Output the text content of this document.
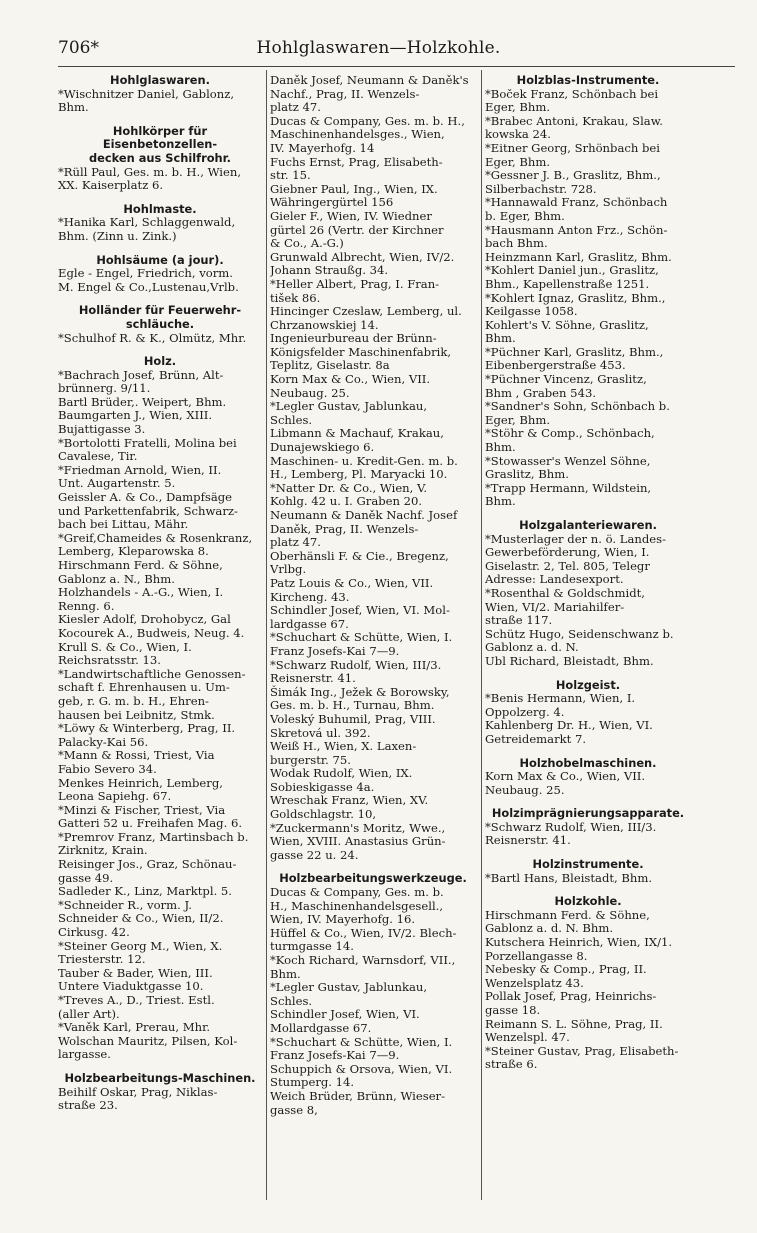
706*	Hohlglaswaren—Holzkohle.
Hohlglaswaren.
*Wischnitzer Daniel, Gablonz,
Bhm.
Hohlkörper für Eisenbetonzellen-
decken aus Schilfrohr.
*Rüll Paul, Ges. m. b. H., Wien,
XX. Kaiserplatz 6.
Hohlmaste.
*Hanika Karl, Schlaggenwald,
Bhm. (Zinn u. Zink.)
Hohlsäume (a jour).
Egle - Engel, Friedrich, vorm.
M. Engel & Co.,Lustenau,Vrlb.
Holländer für Feuerwehr-
schläuche.
*Schulhof R. & K., Olmütz, Mhr.
Holz.
*Bachrach Josef, Brünn, Alt-
brünnerg. 9/11.
Bartl Brüder,. Weipert, Bhm.
Baumgarten J., Wien, XIII.
Bujattigasse 3.
*Bortolotti Fratelli, Molina bei
Cavalese, Tir.
*Friedman Arnold, Wien, II.
Unt. Augartenstr. 5.
Geissler A. & Co., Dampfsäge
und Parkettenfabrik, Schwarz-
bach bei Littau, Mähr.
*Greif,Chameides & Rosenkranz,
Lemberg, Kleparowska 8.
Hirschmann Ferd. & Söhne,
Gablonz a. N., Bhm.
Holzhandels - A.-G., Wien, I.
Renng. 6.
Kiesler Adolf, Drohobycz, Gal
Kocourek A., Budweis, Neug. 4.
Krull S. & Co., Wien, I.
Reichsratsstr. 13.
*Landwirtschaftliche Genossen-
schaft f. Ehrenhausen u. Um-
geb, r. G. m. b. H., Ehren-
hausen bei Leibnitz, Stmk.
*Löwy & Winterberg, Prag, II.
Palacky-Kai 56.
*Mann & Rossi, Triest, Via
Fabio Severo 34.
Menkes Heinrich, Lemberg,
Leona Sapiehg. 67.
*Minzi & Fischer, Triest, Via
Gatteri 52 u. Freihafen Mag. 6.
*Premrov Franz, Martinsbach b.
Zirknitz, Krain.
Reisinger Jos., Graz, Schönau-
gasse 49.
Sadleder K., Linz, Marktpl. 5.
*Schneider R., vorm. J.
Schneider & Co., Wien, II/2.
Cirkusg. 42.
*Steiner Georg M., Wien, X.
Triesterstr. 12.
Tauber & Bader, Wien, III.
Untere Viaduktgasse 10.
*Treves A., D., Triest. Estl.
(aller Art).
*Vaněk Karl, Prerau, Mhr.
Wolschan Mauritz, Pilsen, Kol-
largasse.
Holzbearbeitungs-Maschinen.
Beihilf Oskar, Prag, Niklas-
straße 23.
Daněk Josef, Neumann & Daněk's
Nachf., Prag, II. Wenzels-
platz 47.
Ducas & Company, Ges. m. b. H.,
Maschinenhandelsges., Wien,
IV. Mayerhofg. 14
Fuchs Ernst, Prag, Elisabeth-
str. 15.
Giebner Paul, Ing., Wien, IX.
Währingergürtel 156
Gieler F., Wien, IV. Wiedner
gürtel 26 (Vertr. der Kirchner
& Co., A.-G.)
Grunwald Albrecht, Wien, IV/2.
Johann Straußg. 34.
*Heller Albert, Prag, I. Fran-
tišek 86.
Hincinger Czeslaw, Lemberg, ul.
Chrzanowskiej 14.
Ingenieurbureau der Brünn-
Königsfelder Maschinenfabrik,
Teplitz, Giselastr. 8a
Korn Max & Co., Wien, VII.
Neubaug. 25.
*Legler Gustav, Jablunkau,
Schles.
Libmann & Machauf, Krakau,
Dunajewskiego 6.
Maschinen- u. Kredit-Gen. m. b.
H., Lemberg, Pl. Maryacki 10.
*Natter Dr. & Co., Wien, V.
Kohlg. 42 u. I. Graben 20.
Neumann & Daněk Nachf. Josef
Daněk, Prag, II. Wenzels-
platz 47.
Oberhänsli F. & Cie., Bregenz,
Vrlbg.
Patz Louis & Co., Wien, VII.
Kircheng. 43.
Schindler Josef, Wien, VI. Mol-
lardgasse 67.
*Schuchart & Schütte, Wien, I.
Franz Josefs-Kai 7—9.
*Schwarz Rudolf, Wien, III/3.
Reisnerstr. 41.
Šimák Ing., Ježek & Borowsky,
Ges. m. b. H., Turnau, Bhm.
Voleský Buhumil, Prag, VIII.
Skretová ul. 392.
Weiß H., Wien, X. Laxen-
burgerstr. 75.
Wodak Rudolf, Wien, IX.
Sobieskigasse 4a.
Wreschak Franz, Wien, XV.
Goldschlagstr. 10,
*Zuckermann's Moritz, Wwe.,
Wien, XVIII. Anastasius Grün-
gasse 22 u. 24.
Holzbearbeitungswerkzeuge.
Ducas & Company, Ges. m. b.
H., Maschinenhandelsgesell.,
Wien, IV. Mayerhofg. 16.
Hüffel & Co., Wien, IV/2. Blech-
turmgasse 14.
*Koch Richard, Warnsdorf, VII.,
Bhm.
*Legler Gustav, Jablunkau,
Schles.
Schindler Josef, Wien, VI.
Mollardgasse 67.
*Schuchart & Schütte, Wien, I.
Franz Josefs-Kai 7—9.
Schuppich & Orsova, Wien, VI.
Stumperg. 14.
Weich Brüder, Brünn, Wieser-
gasse 8,
Holzblas-Instrumente.
*Boček Franz, Schönbach bei
Eger, Bhm.
*Brabec Antoni, Krakau, Slaw.
kowska 24.
*Eitner Georg, Srhönbach bei
Eger, Bhm.
*Gessner J. B., Graslitz, Bhm.,
Silberbachstr. 728.
*Hannawald Franz, Schönbach
b. Eger, Bhm.
*Hausmann Anton Frz., Schön-
bach Bhm.
Heinzmann Karl, Graslitz, Bhm.
*Kohlert Daniel jun., Graslitz,
Bhm., Kapellenstraße 1251.
*Kohlert Ignaz, Graslitz, Bhm.,
Keilgasse 1058.
Kohlert's V. Söhne, Graslitz,
Bhm.
*Püchner Karl, Graslitz, Bhm.,
Eibenbergerstraße 453.
*Püchner Vincenz, Graslitz,
Bhm , Graben 543.
*Sandner's Sohn, Schönbach b.
Eger, Bhm.
*Stöhr & Comp., Schönbach,
Bhm.
*Stowasser's Wenzel Söhne,
Graslitz, Bhm.
*Trapp Hermann, Wildstein,
Bhm.
Holzgalanteriewaren.
*Musterlager der n. ö. Landes-
Gewerbeförderung, Wien, I.
Giselastr. 2, Tel. 805, Telegr
Adresse: Landesexport.
*Rosenthal & Goldschmidt,
Wien, VI/2. Mariahilfer-
straße 117.
Schütz Hugo, Seidenschwanz b.
Gablonz a. d. N.
Ubl Richard, Bleistadt, Bhm.
Holzgeist.
*Benis Hermann, Wien, I.
Oppolzerg. 4.
Kahlenberg Dr. H., Wien, VI.
Getreidemarkt 7.
Holzhobelmaschinen.
Korn Max & Co., Wien, VII.
Neubaug. 25.
Holzimprägnierungsapparate.
*Schwarz Rudolf, Wien, III/3.
Reisnerstr. 41.
Holzinstrumente.
*Bartl Hans, Bleistadt, Bhm.
Holzkohle.
Hirschmann Ferd. & Söhne,
Gablonz a. d. N. Bhm.
Kutschera Heinrich, Wien, IX/1.
Porzellangasse 8.
Nebesky & Comp., Prag, II.
Wenzelsplatz 43.
Pollak Josef, Prag, Heinrichs-
gasse 18.
Reimann S. L. Söhne, Prag, II.
Wenzelspl. 47.
*Steiner Gustav, Prag, Elisabeth-
straße 6.
